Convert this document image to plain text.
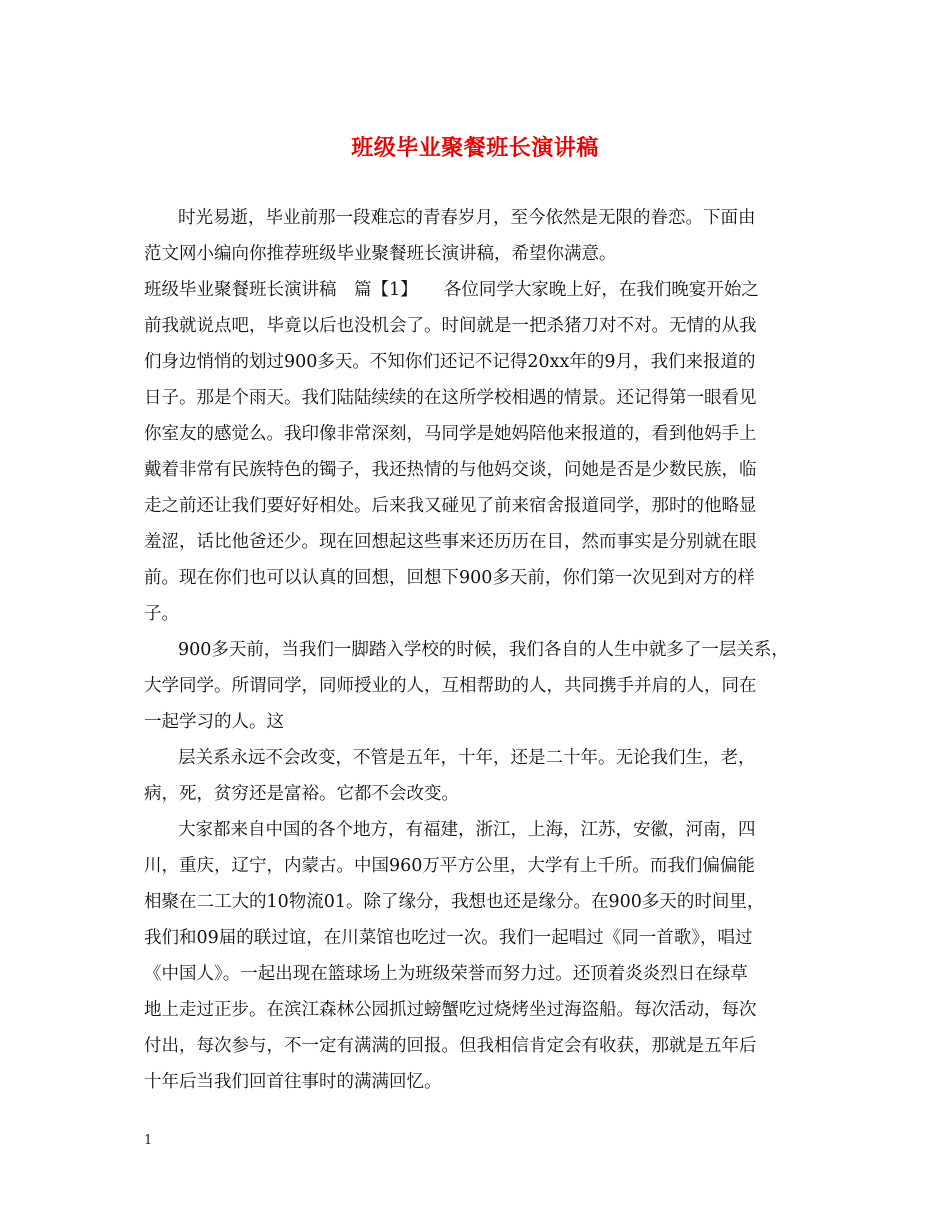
班级毕业聚餐班长演讲稿
时光易逝，毕业前那一段难忘的青春岁月，至今依然是无限的眷恋。下面由
范文网小编向你推荐班级毕业聚餐班长演讲稿，希望你满意。
班级毕业聚餐班长演讲稿　篇【1】　　各位同学大家晚上好，在我们晚宴开始之
前我就说点吧，毕竟以后也没机会了。时间就是一把杀猪刀对不对。无情的从我
们身边悄悄的划过900多天。不知你们还记不记得20xx年的9月，我们来报道的
日子。那是个雨天。我们陆陆续续的在这所学校相遇的情景。还记得第一眼看见
你室友的感觉么。我印像非常深刻，马同学是她妈陪他来报道的，看到他妈手上
戴着非常有民族特色的镯子，我还热情的与他妈交谈，问她是否是少数民族，临
走之前还让我们要好好相处。后来我又碰见了前来宿舍报道同学，那时的他略显
羞涩，话比他爸还少。现在回想起这些事来还历历在目，然而事实是分别就在眼
前。现在你们也可以认真的回想，回想下900多天前，你们第一次见到对方的样
子。
900多天前，当我们一脚踏入学校的时候，我们各自的人生中就多了一层关系，
大学同学。所谓同学，同师授业的人，互相帮助的人，共同携手并肩的人，同在
一起学习的人。这
层关系永远不会改变，不管是五年，十年，还是二十年。无论我们生，老，
病，死，贫穷还是富裕。它都不会改变。
大家都来自中国的各个地方，有福建，浙江，上海，江苏，安徽，河南，四
川，重庆，辽宁，内蒙古。中国960万平方公里，大学有上千所。而我们偏偏能
相聚在二工大的10物流01。除了缘分，我想也还是缘分。在900多天的时间里，
我们和09届的联过谊，在川菜馆也吃过一次。我们一起唱过《同一首歌》，唱过
《中国人》。一起出现在篮球场上为班级荣誉而努力过。还顶着炎炎烈日在绿草
地上走过正步。在滨江森林公园抓过螃蟹吃过烧烤坐过海盗船。每次活动，每次
付出，每次参与，不一定有满满的回报。但我相信肯定会有收获，那就是五年后
十年后当我们回首往事时的满满回忆。
1
